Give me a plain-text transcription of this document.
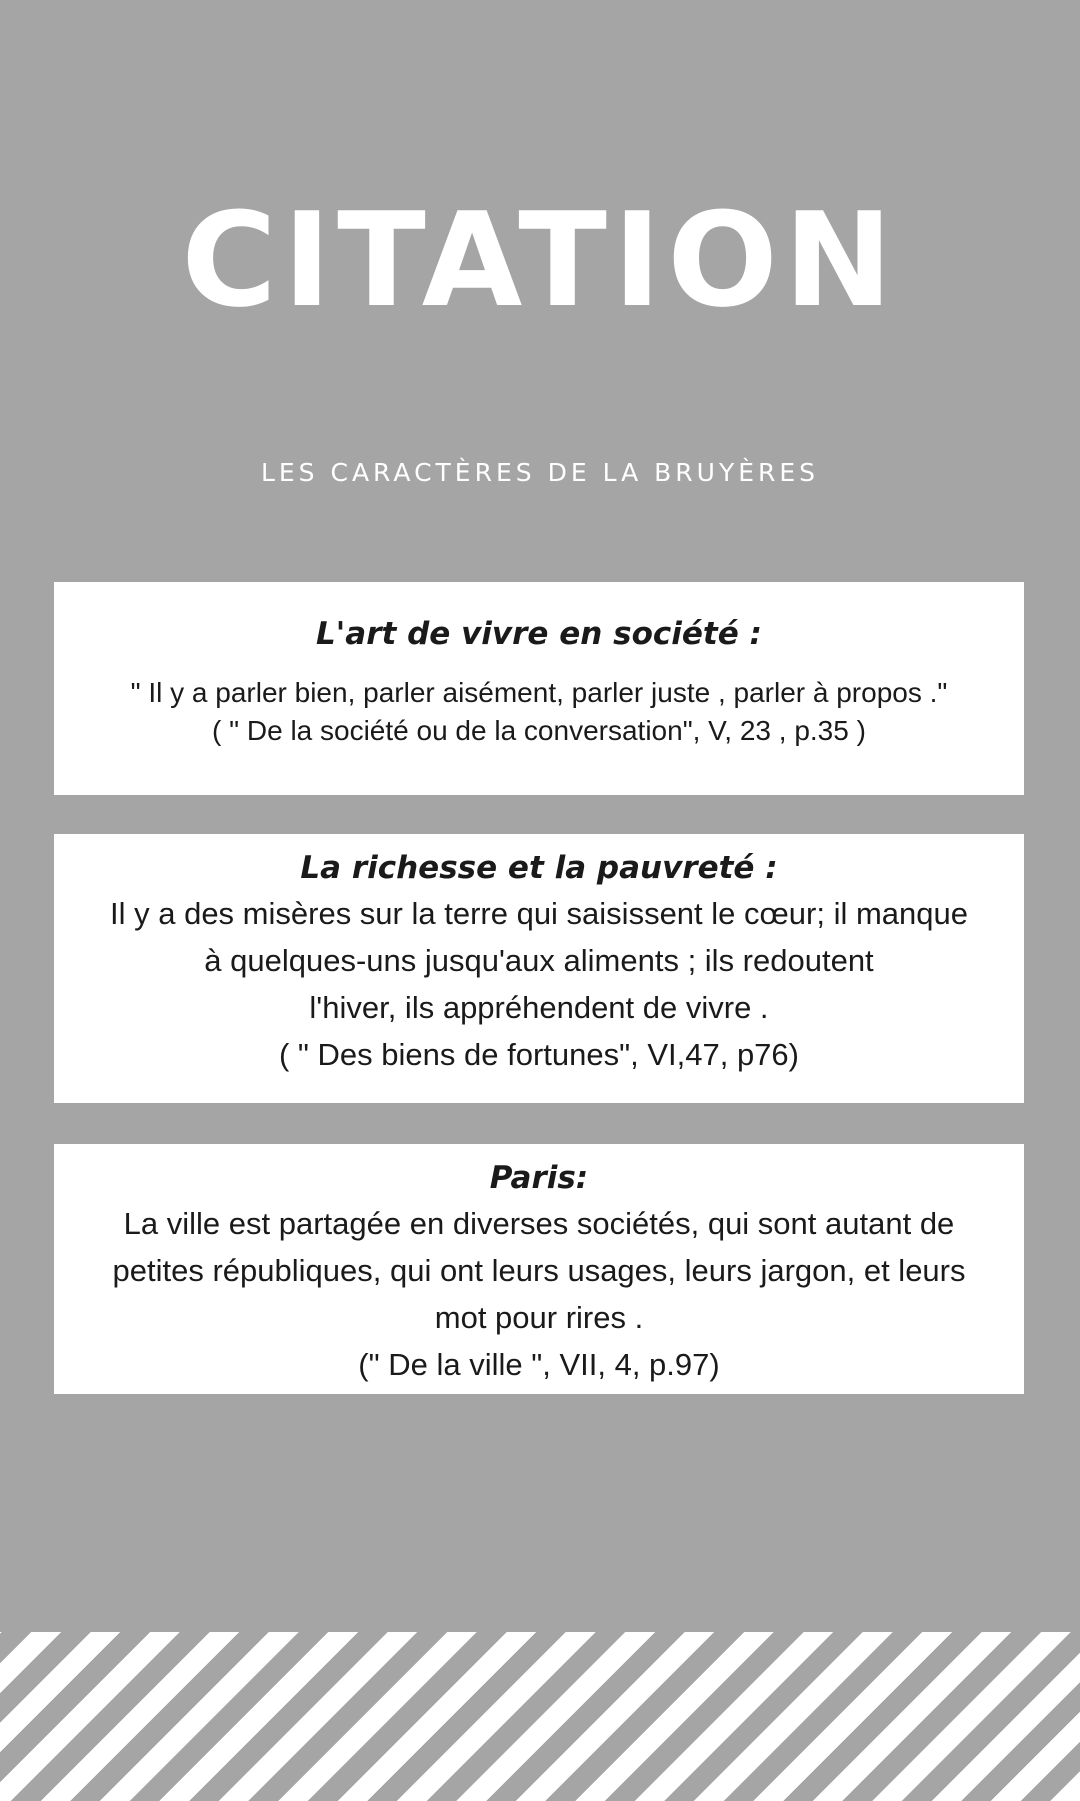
CITATION

LES CARACTÈRES DE LA BRUYÈRES

L'art de vivre en société :

" Il y a parler bien, parler aisément, parler juste , parler à propos ."

( " De la société ou de la conversation", V, 23 , p.35 )

La richesse et la pauvreté :

Il y a des misères sur la terre qui saisissent le cœur; il manque

à quelques-uns jusqu'aux aliments ; ils redoutent

l'hiver, ils appréhendent de vivre .

( " Des biens de fortunes", VI,47, p76)

Paris:

La ville est partagée en diverses sociétés, qui sont autant de

petites républiques, qui ont leurs usages, leurs jargon, et leurs

mot pour rires .

(" De la ville ", VII, 4, p.97)
